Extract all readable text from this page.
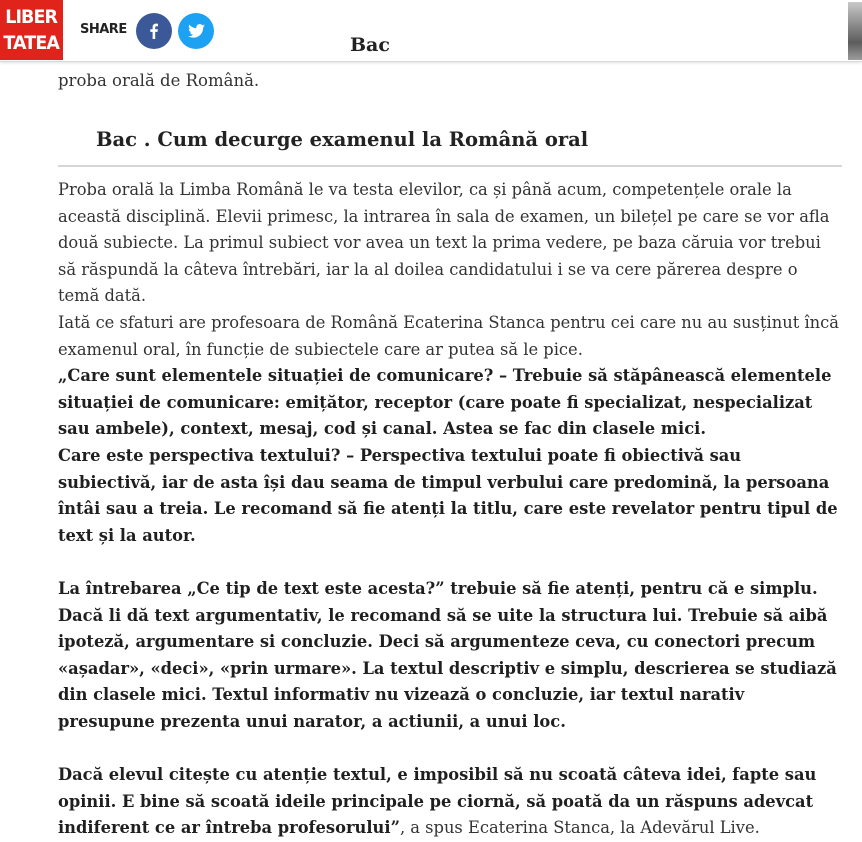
LIBER
TATEA
SHARE
Bac
proba orală de Română.
Bac . Cum decurge examenul la Română oral

Proba orală la Limba Română le va testa elevilor, ca și până acum, competențele orale la această disciplină. Elevii primesc, la intrarea în sala de examen, un bilețel pe care se vor afla două subiecte. La primul subiect vor avea un text la prima vedere, pe baza căruia vor trebui să răspundă la câteva întrebări, iar la al doilea candidatului i se va cere părerea despre o temă dată.

Iată ce sfaturi are profesoara de Română Ecaterina Stanca pentru cei care nu au susținut încă examenul oral, în funcție de subiectele care ar putea să le pice.

„Care sunt elementele situației de comunicare? – Trebuie să stăpânească elementele situației de comunicare: emițător, receptor (care poate fi specializat, nespecializat sau ambele), context, mesaj, cod și canal. Astea se fac din clasele mici.

Care este perspectiva textului? – Perspectiva textului poate fi obiectivă sau subiectivă, iar de asta își dau seama de timpul verbului care predomină, la persoana întâi sau a treia. Le recomand să fie atenți la titlu, care este revelator pentru tipul de text și la autor.

La întrebarea „Ce tip de text este acesta?” trebuie să fie atenți, pentru că e simplu.

Dacă li dă text argumentativ, le recomand să se uite la structura lui. Trebuie să aibă ipoteză, argumentare si concluzie. Deci să argumenteze ceva, cu conectori precum «așadar», «deci», «prin urmare». La textul descriptiv e simplu, descrierea se studiază din clasele mici. Textul informativ nu vizează o concluzie, iar textul narativ presupune prezenta unui narator, a actiunii, a unui loc.

Dacă elevul citește cu atenție textul, e imposibil să nu scoată câteva idei, fapte sau opinii. E bine să scoată ideile principale pe ciornă, să poată da un răspuns adevcat indiferent ce ar întreba profesorului”, a spus Ecaterina Stanca, la Adevărul Live.
